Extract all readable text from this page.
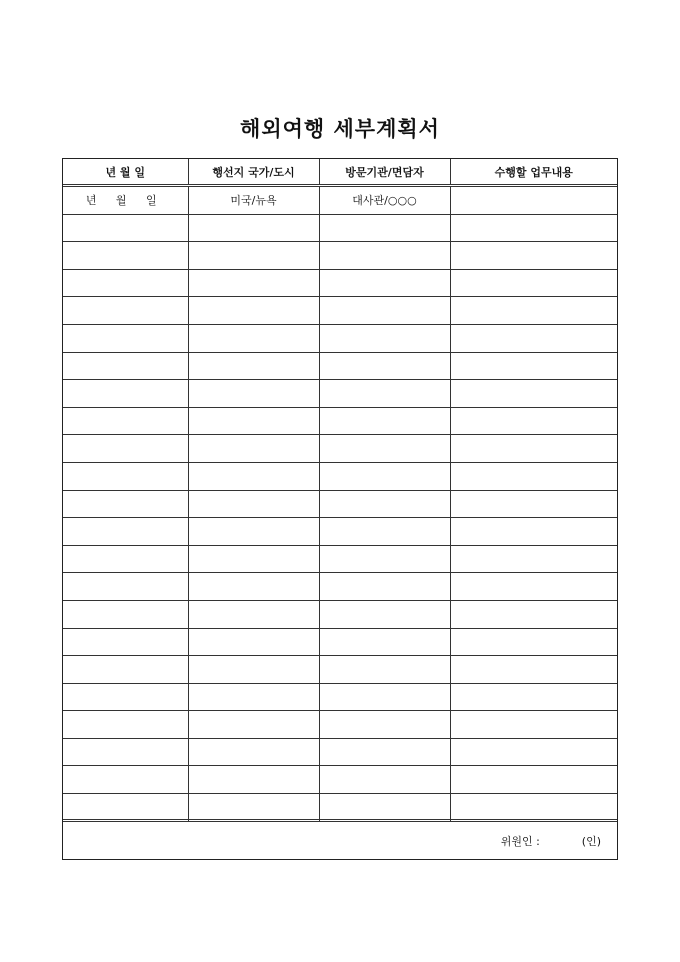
해외여행 세부계획서
년 월 일	행선지 국가/도시	방문기관/면담자	수행할 업무내용
년 월 일	미국/뉴욕	대사관/○○○	

위원인 :	(인)
